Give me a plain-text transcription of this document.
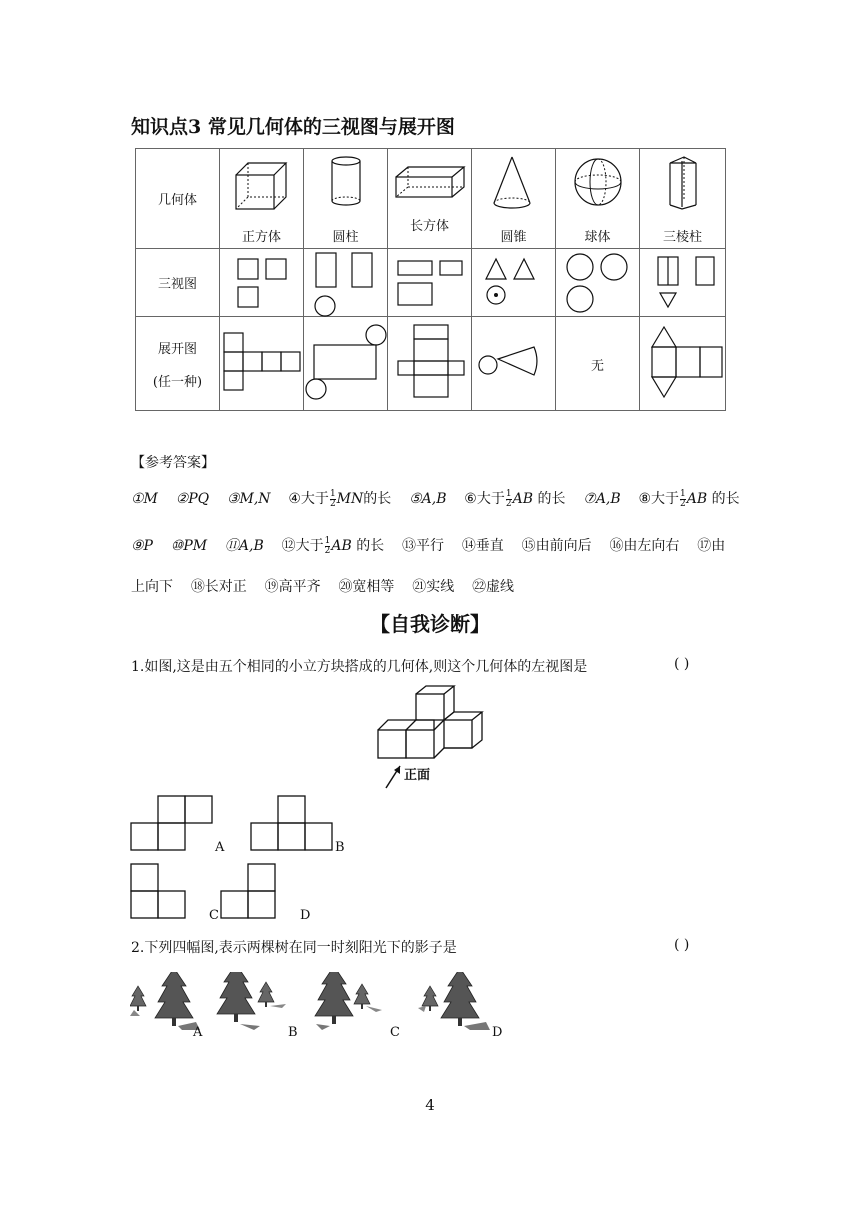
知识点3 常见几何体的三视图与展开图
几何体	正方体	圆柱	长方体	圆锥	球体	三棱柱

三视图	

展开图
(任一种)					无

【参考答案】
①M ②PQ ③M,N ④大于 $\frac{1}{2}$ MN的长 ⑤A,B ⑥大于 $\frac{1}{2}$ AB 的长 ⑦A,B ⑧大于 $\frac{1}{2}$ AB 的长
⑨P ⑩PM ⑪A,B ⑫大于 $\frac{1}{2}$ AB 的长 ⑬平行 ⑭垂直 ⑮由前向后 ⑯由左向右 ⑰由
上向下 ⑱长对正 ⑲高平齐 ⑳宽相等 ㉑实线 ㉒虚线
【自我诊断】
1.如图,这是由五个相同的小立方块搭成的几何体,则这个几何体的左视图是	( )
正面
A	B
C	D
2.下列四幅图,表示两棵树在同一时刻阳光下的影子是	( )
A	B	C	D
4
